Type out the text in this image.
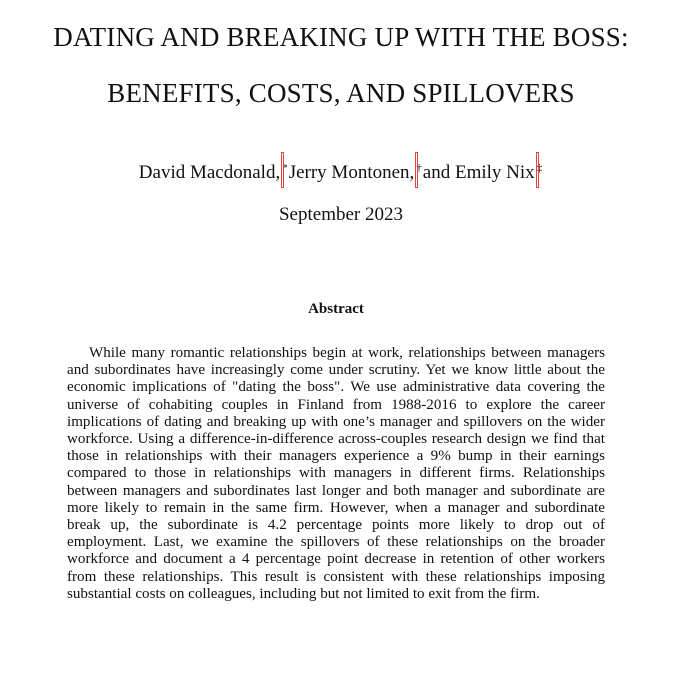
DATING AND BREAKING UP WITH THE BOSS:
BENEFITS, COSTS, AND SPILLOVERS
David Macdonald, *Jerry Montonen, †and Emily Nix ‡
September 2023
Abstract

While many romantic relationships begin at work, relationships between managers and subordinates have increasingly come under scrutiny. Yet we know little about the economic implications of "dating the boss". We use administrative data covering the universe of cohabiting couples in Finland from 1988-2016 to explore the career implications of dating and breaking up with one’s manager and spillovers on the wider workforce. Using a difference-in-difference across-couples research design we find that those in relationships with their managers experience a 9% bump in their earnings compared to those in relationships with managers in different firms. Relationships between managers and subordinates last longer and both manager and subordinate are more likely to remain in the same firm. However, when a manager and subordinate break up, the subordinate is 4.2 percentage points more likely to drop out of employment. Last, we examine the spillovers of these relationships on the broader workforce and document a 4 percentage point decrease in retention of other workers from these relationships. This result is consistent with these relationships imposing substantial costs on colleagues, including but not limited to exit from the firm.
